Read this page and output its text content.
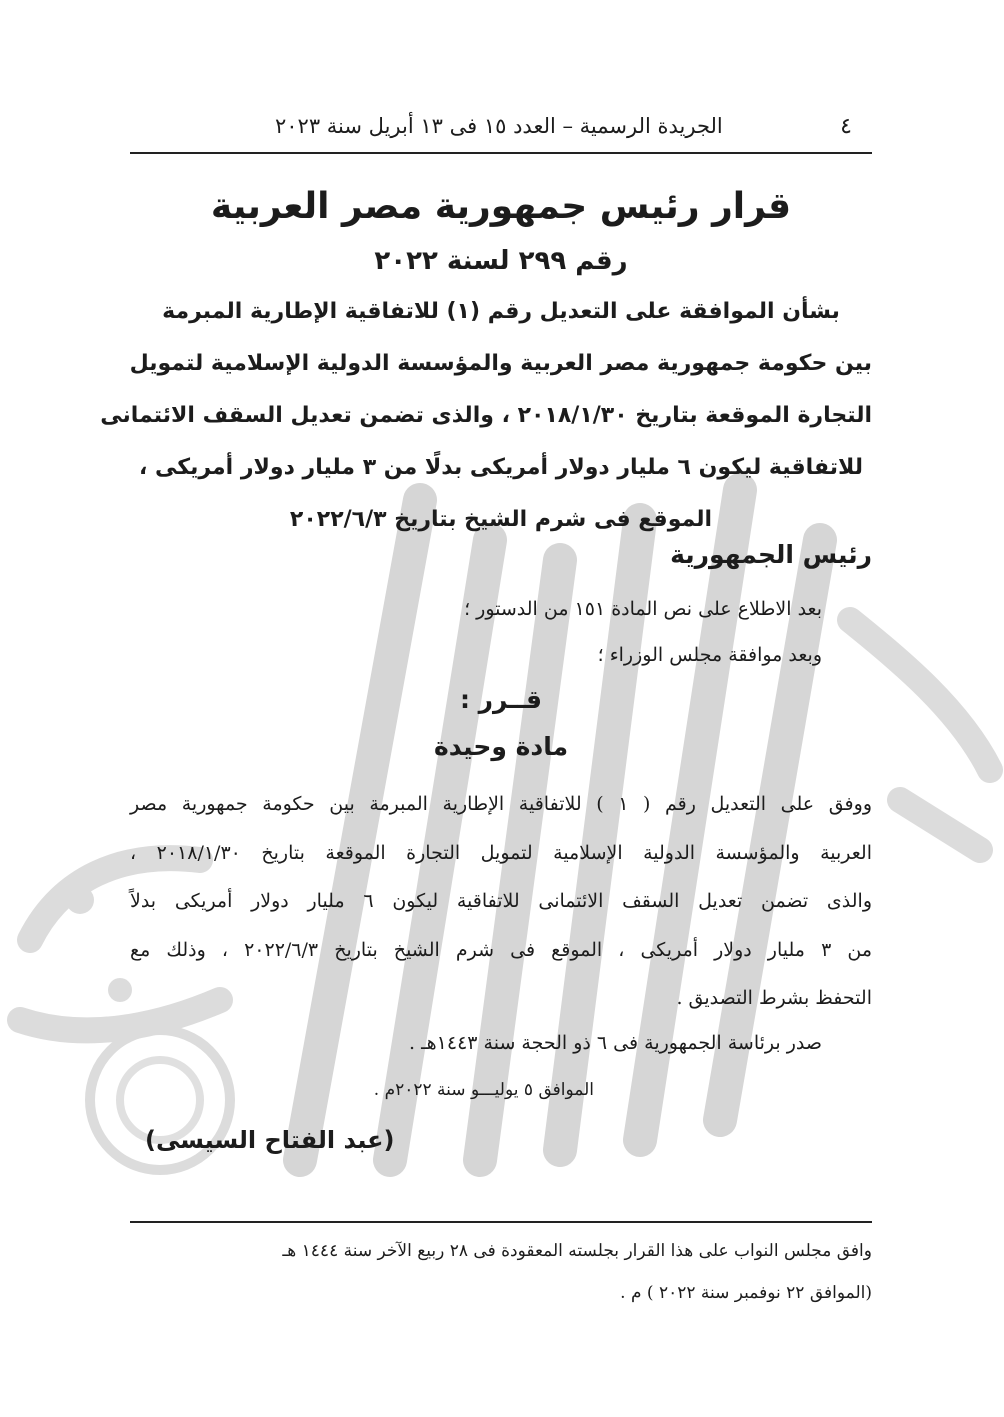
الجريدة الرسمية – العدد ١٥ فى ١٣ أبريل سنة ٢٠٢٣	٤
قرار رئيس جمهورية مصر العربية
رقم ٢٩٩ لسنة ٢٠٢٢
بشأن الموافقة على التعديل رقم (١) للاتفاقية الإطارية المبرمة
بين حكومة جمهورية مصر العربية والمؤسسة الدولية الإسلامية لتمويل
التجارة الموقعة بتاريخ ٢٠١٨/١/٣٠ ، والذى تضمن تعديل السقف الائتمانى
للاتفاقية ليكون ٦ مليار دولار أمريكى بدلًا من ٣ مليار دولار أمريكى ،
الموقع فى شرم الشيخ بتاريخ ٢٠٢٢/٦/٣
رئيس الجمهورية
بعد الاطلاع على نص المادة ١٥١ من الدستور ؛
وبعد موافقة مجلس الوزراء ؛
قــرر :
مادة وحيدة
ووفق على التعديل رقم ( ١ ) للاتفاقية الإطارية المبرمة بين حكومة جمهورية مصر
العربية والمؤسسة الدولية الإسلامية لتمويل التجارة الموقعة بتاريخ ٢٠١٨/١/٣٠ ،
والذى تضمن تعديل السقف الائتمانى للاتفاقية ليكون ٦ مليار دولار أمريكى بدلاً
من ٣ مليار دولار أمريكى ، الموقع فى شرم الشيخ بتاريخ ٢٠٢٢/٦/٣ ، وذلك مع
التحفظ بشرط التصديق .
صدر برئاسة الجمهورية فى ٦ ذو الحجة سنة ١٤٤٣هـ .
الموافق ٥ يوليـــو سنة ٢٠٢٢م .
(عبد الفتاح السيسى)
وافق مجلس النواب على هذا القرار بجلسته المعقودة فى ٢٨ ربيع الآخر سنة ١٤٤٤ هـ
(الموافق ٢٢ نوفمبر سنة ٢٠٢٢ ) م .
